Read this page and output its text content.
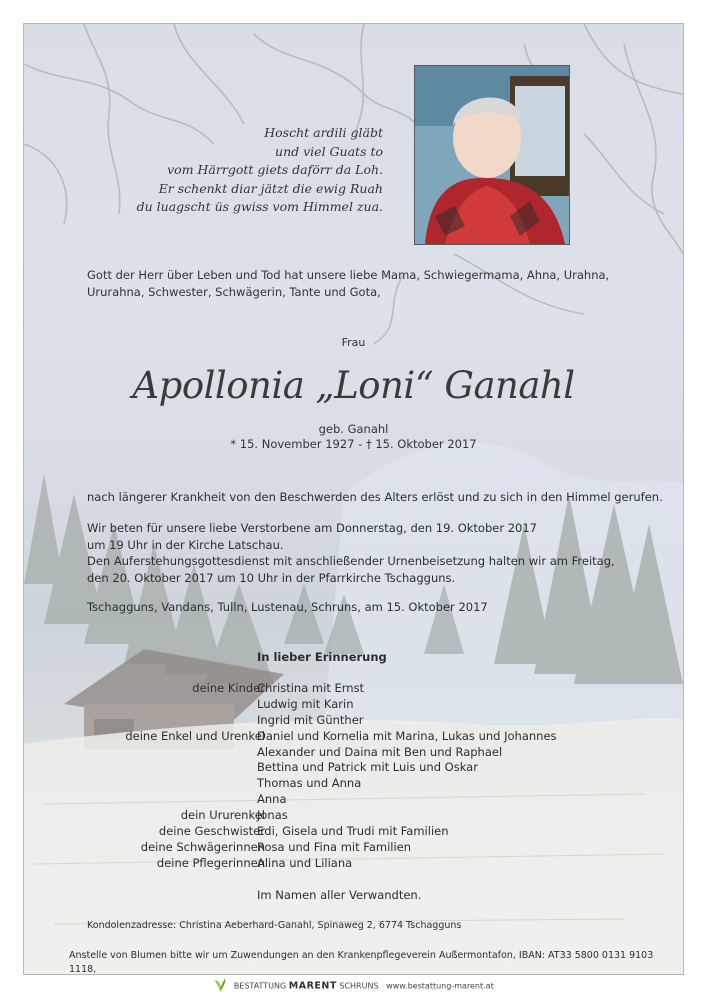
Hoscht ardili gläbt
und viel Guats to
vom Härrgott giets daförr da Loh.
Er schenkt diar jätzt die ewig Ruah
du luagscht üs gwiss vom Himmel zua.
Gott der Herr über Leben und Tod hat unsere liebe Mama, Schwiegermama, Ahna, Urahna, Ururahna, Schwester, Schwägerin, Tante und Gota,
Frau
Apollonia „Loni“ Ganahl
geb. Ganahl
* 15. November 1927 - † 15. Oktober 2017
nach längerer Krankheit von den Beschwerden des Alters erlöst und zu sich in den Himmel gerufen.
Wir beten für unsere liebe Verstorbene am Donnerstag, den 19. Oktober 2017
um 19 Uhr in der Kirche Latschau.
Den Auferstehungsgottesdienst mit anschließender Urnenbeisetzung halten wir am Freitag,
den 20. Oktober 2017 um 10 Uhr in der Pfarrkirche Tschagguns.
Tschagguns, Vandans, Tulln, Lustenau, Schruns, am 15. Oktober 2017
In lieber Erinnerung
deine Kinder
Christina mit Ernst
Ludwig mit Karin
Ingrid mit Günther
deine Enkel und Urenkel
Daniel und Kornelia mit Marina, Lukas und Johannes
Alexander und Daina mit Ben und Raphael
Bettina und Patrick mit Luis und Oskar
Thomas und Anna
Anna
dein Ururenkel
Jonas
deine Geschwister
Edi, Gisela und Trudi mit Familien
deine Schwägerinnen
Rosa und Fina mit Familien
deine Pflegerinnen
Alina und Liliana
Im Namen aller Verwandten.
Kondolenzadresse: Christina Aeberhard-Ganahl, Spinaweg 2, 6774 Tschagguns
Anstelle von Blumen bitte wir um Zuwendungen an den Krankenpflegeverein Außermontafon, IBAN: AT33 5800 0131 9103 1118,
BESTATTUNG MARENT SCHRUNS www.bestattung-marent.at
